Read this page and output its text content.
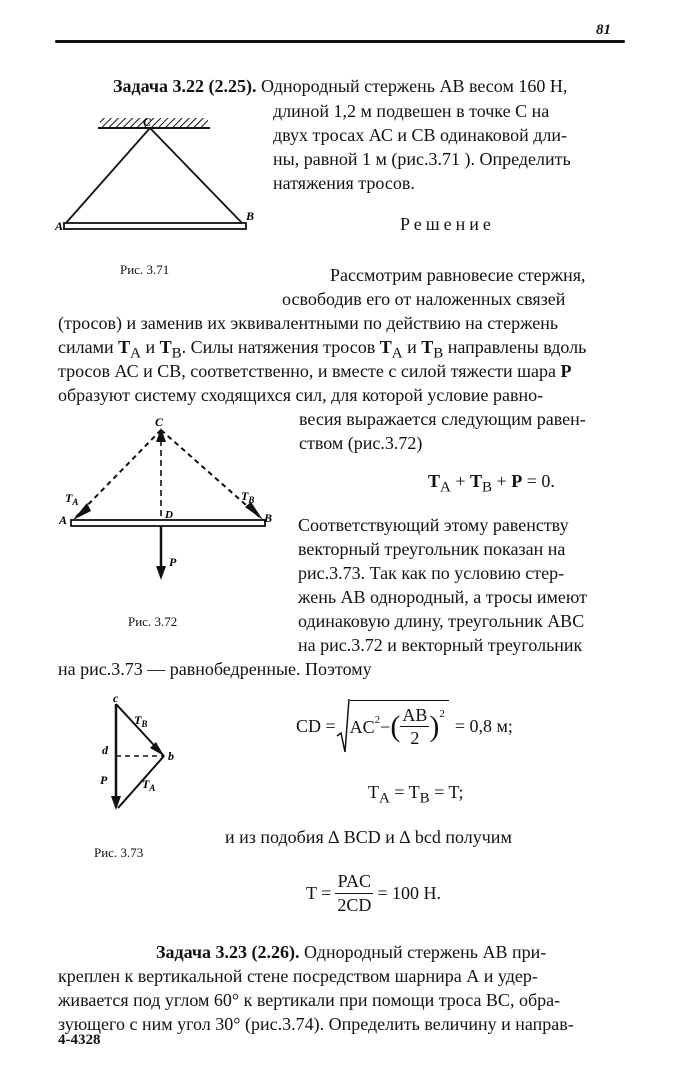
81
Задача 3.22 (2.25). Однородный стержень АВ весом 160 Н,
длиной 1,2 м подвешен в точке С на
двух тросах АС и СВ одинаковой дли-
ны, равной 1 м (рис.3.71 ). Определить
натяжения тросов.
C
A
B
Рис. 3.71
Решение
Рассмотрим равновесие стержня,
освободив его от наложенных связей
(тросов) и заменив их эквивалентными по действию на стержень
силами $T_A$ и $T_B$. Силы натяжения тросов $T_A$ и $T_B$ направлены вдоль
тросов АС и СВ, соответственно, и вместе с силой тяжести шара P
образуют систему сходящихся сил, для которой условие равно-
весия выражается следующим равен-
ством (рис.3.72)
C
A	B
D
$T_A$	$T_B$
P
Рис. 3.72
$T_A + T_B + P = 0$.
Соответствующий этому равенству
векторный треугольник показан на
рис.3.73. Так как по условию стер-
жень АВ однородный, а тросы имеют
одинаковую длину, треугольник АВС
на рис.3.72 и векторный треугольник
на рис.3.73 — равнобедренные. Поэтому
c
d	b
P
$T_B$
$T_A$
Рис. 3.73
CD = $AC^2$ − ( $\frac{AB}{2} )^2$
= 0,8 м;
$T_A = T_B = T$;
и из подобия ∆ BCD и ∆ bcd получим
$T = \frac{\text{PAC}}{2CD} = 100$ Н.
Задача 3.23 (2.26). Однородный стержень АВ при-
креплен к вертикальной стене посредством шарнира А и удер-
живается под углом 60° к вертикали при помощи троса ВС, обра-
зующего с ним угол 30° (рис.3.74). Определить величину и направ-
4-4328
